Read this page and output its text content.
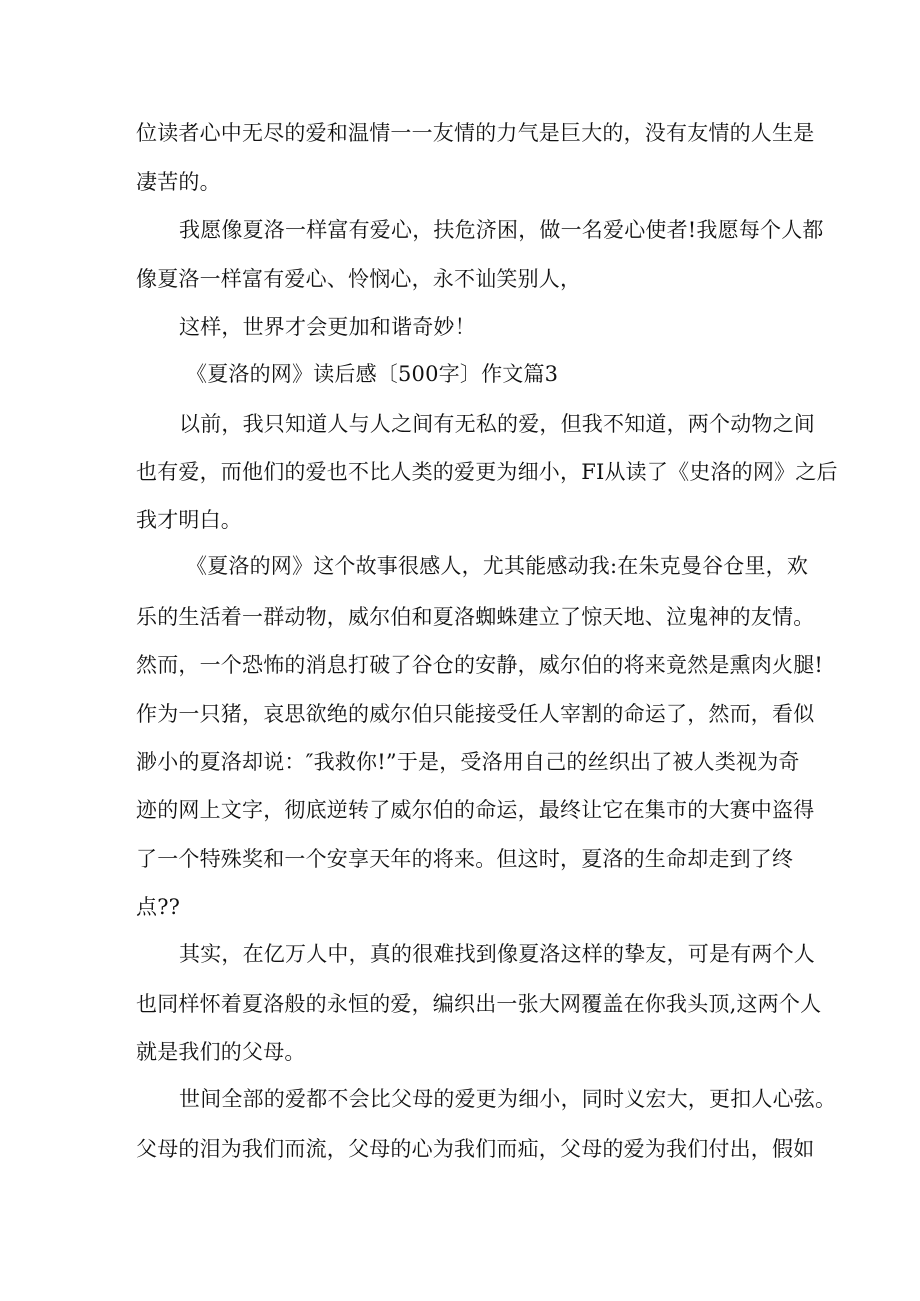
位读者心中无尽的爱和温情一一友情的力气是巨大的，没有友情的人生是
凄苦的。
我愿像夏洛一样富有爱心，扶危济困，做一名爱心使者!我愿每个人都
像夏洛一样富有爱心、怜悯心，永不讪笑别人，
这样，世界才会更加和谐奇妙！
《夏洛的网》读后感〔500字〕作文篇3
以前，我只知道人与人之间有无私的爱，但我不知道，两个动物之间
也有爱，而他们的爱也不比人类的爱更为细小，FI从读了《史洛的网》之后
我才明白。
《夏洛的网》这个故事很感人，尤其能感动我:在朱克曼谷仓里，欢
乐的生活着一群动物，威尔伯和夏洛蜘蛛建立了惊天地、泣鬼神的友情。
然而，一个恐怖的消息打破了谷仓的安静，威尔伯的将来竟然是熏肉火腿!
作为一只猪，哀思欲绝的威尔伯只能接受任人宰割的命运了，然而，看似
渺小的夏洛却说：″我救你!”于是，受洛用自己的丝织出了被人类视为奇
迹的网上文字，彻底逆转了威尔伯的命运，最终让它在集市的大赛中盗得
了一个特殊奖和一个安享天年的将来。但这时，夏洛的生命却走到了终
点??
其实，在亿万人中，真的很难找到像夏洛这样的挚友，可是有两个人
也同样怀着夏洛般的永恒的爱，编织出一张大网覆盖在你我头顶,这两个人
就是我们的父母。
世间全部的爱都不会比父母的爱更为细小，同时义宏大，更扣人心弦。
父母的泪为我们而流，父母的心为我们而疝，父母的爱为我们付出，假如
